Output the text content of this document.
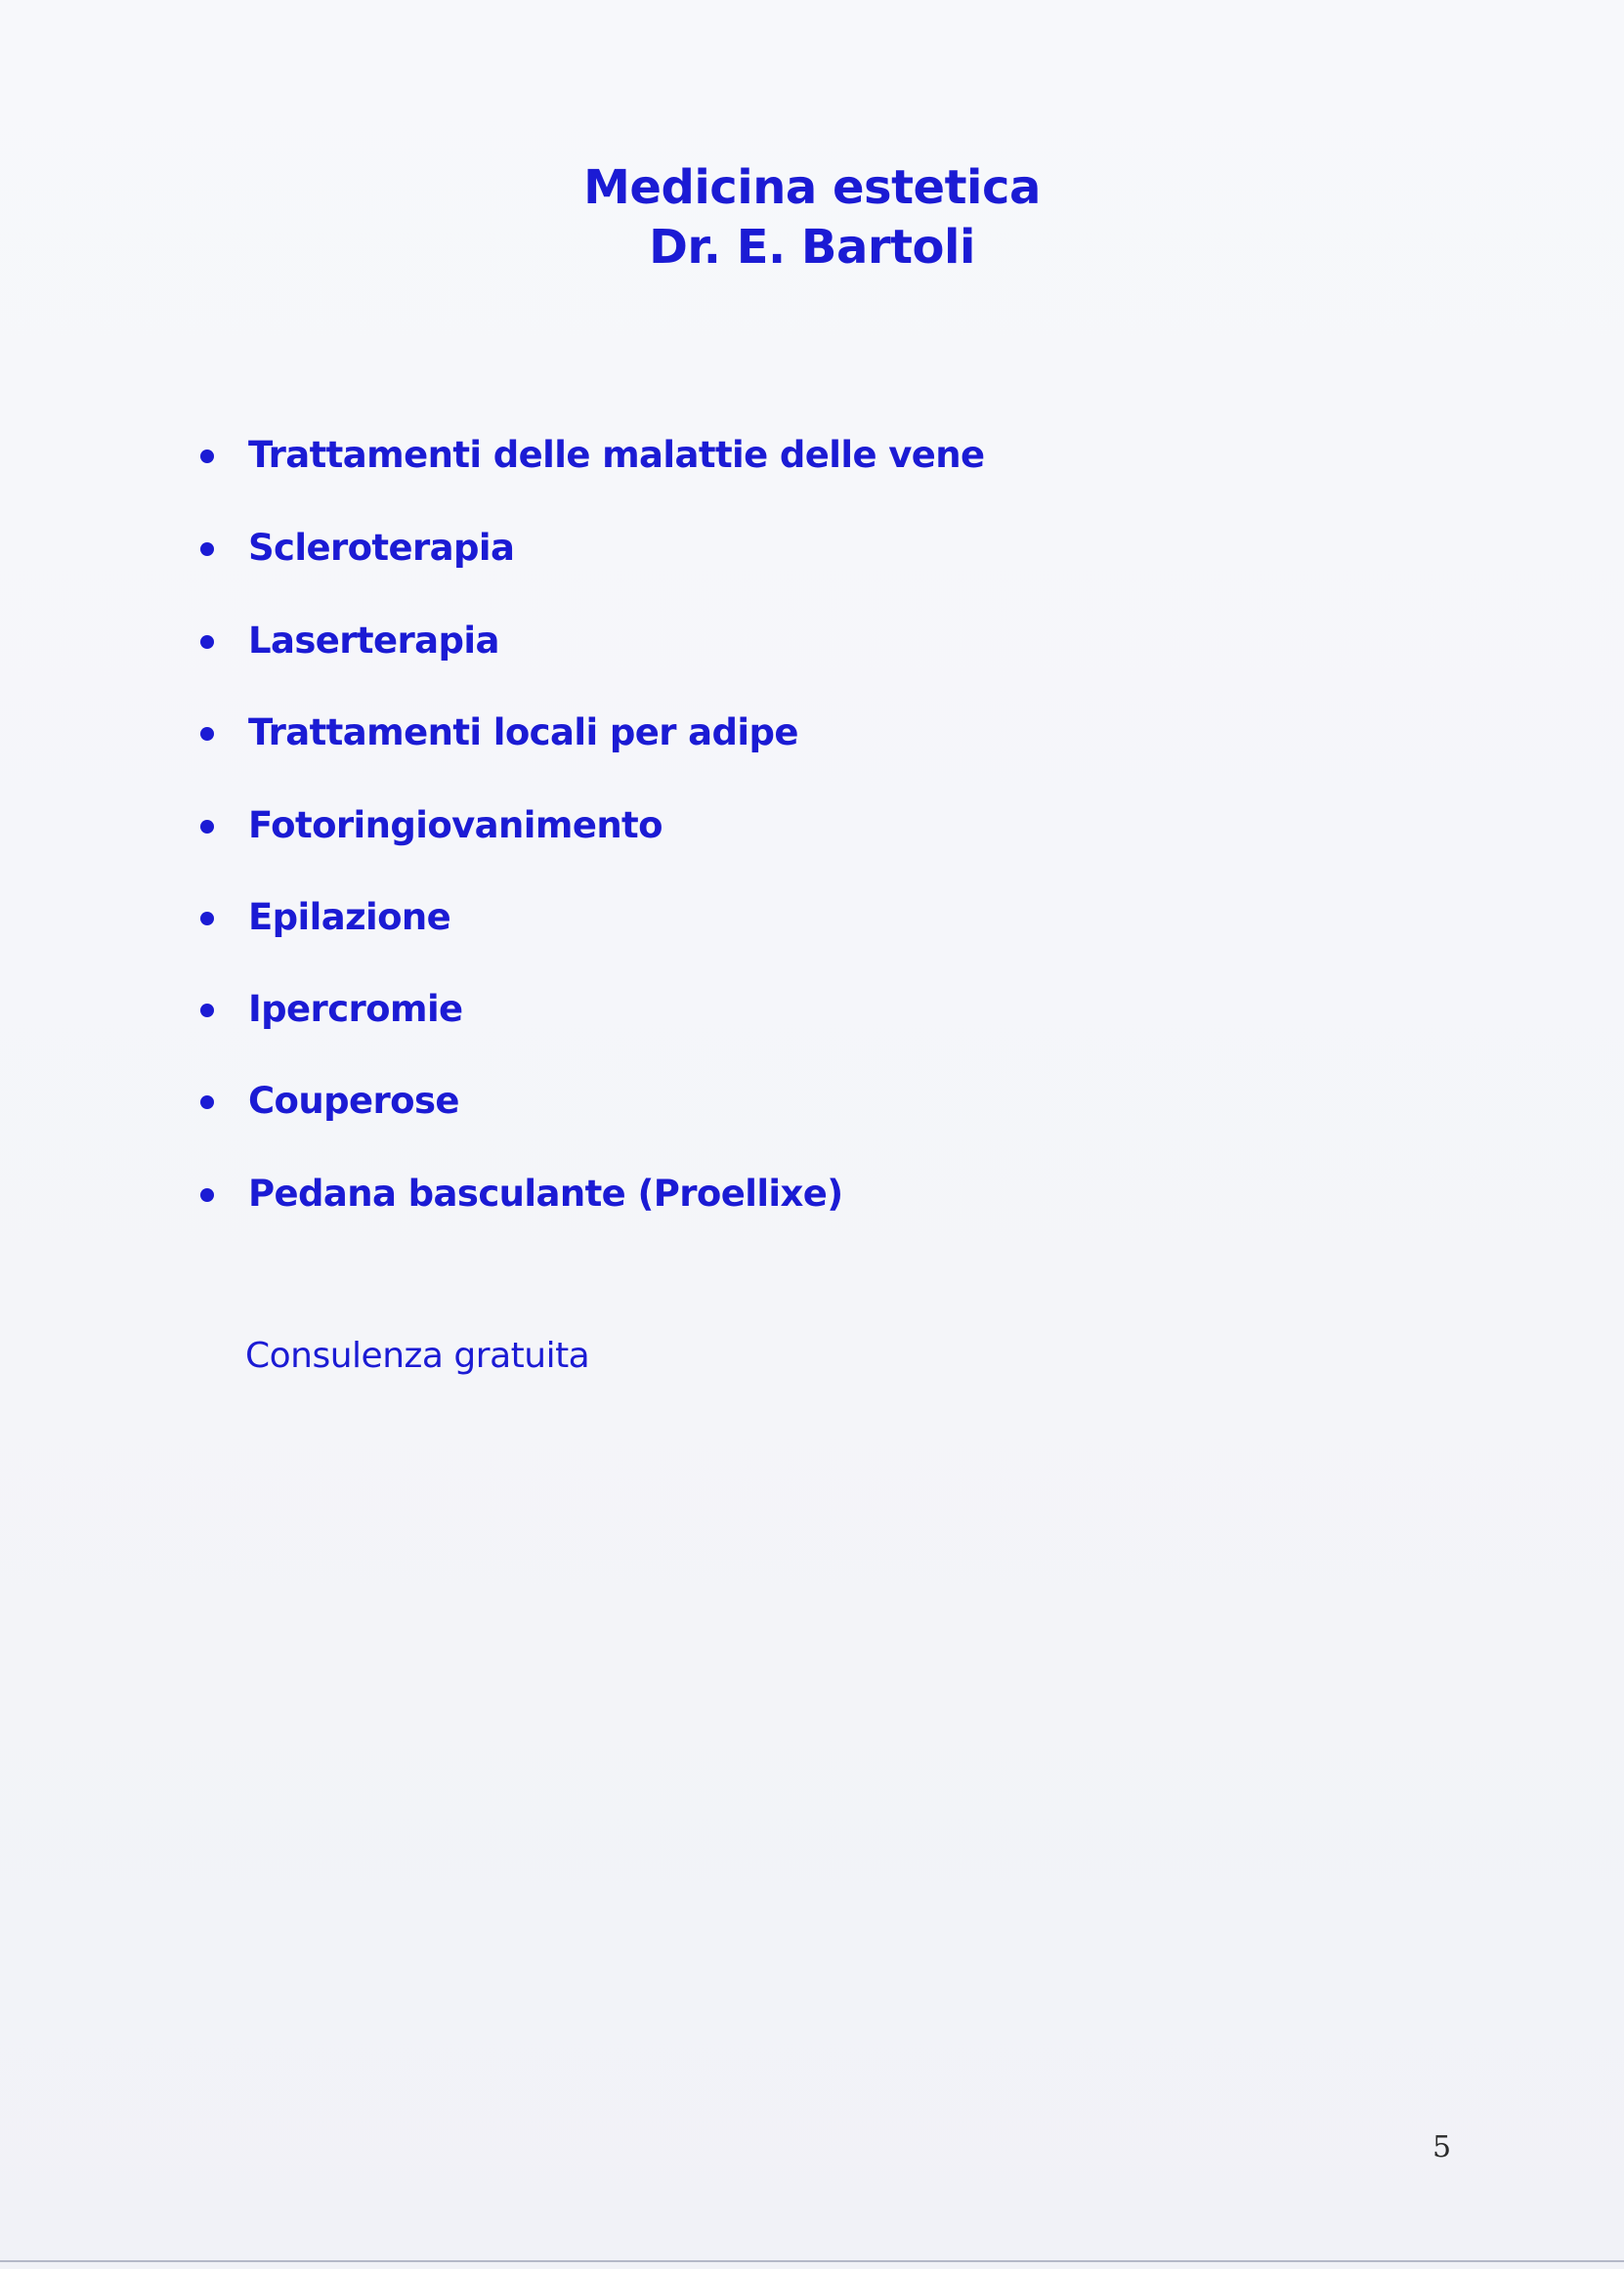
Medicina estetica
Dr. E. Bartoli
Trattamenti delle malattie delle vene
Scleroterapia
Laserterapia
Trattamenti locali per adipe
Fotoringiovanimento
Epilazione
Ipercromie
Couperose
Pedana basculante (Proellixe)
Consulenza gratuita
5
